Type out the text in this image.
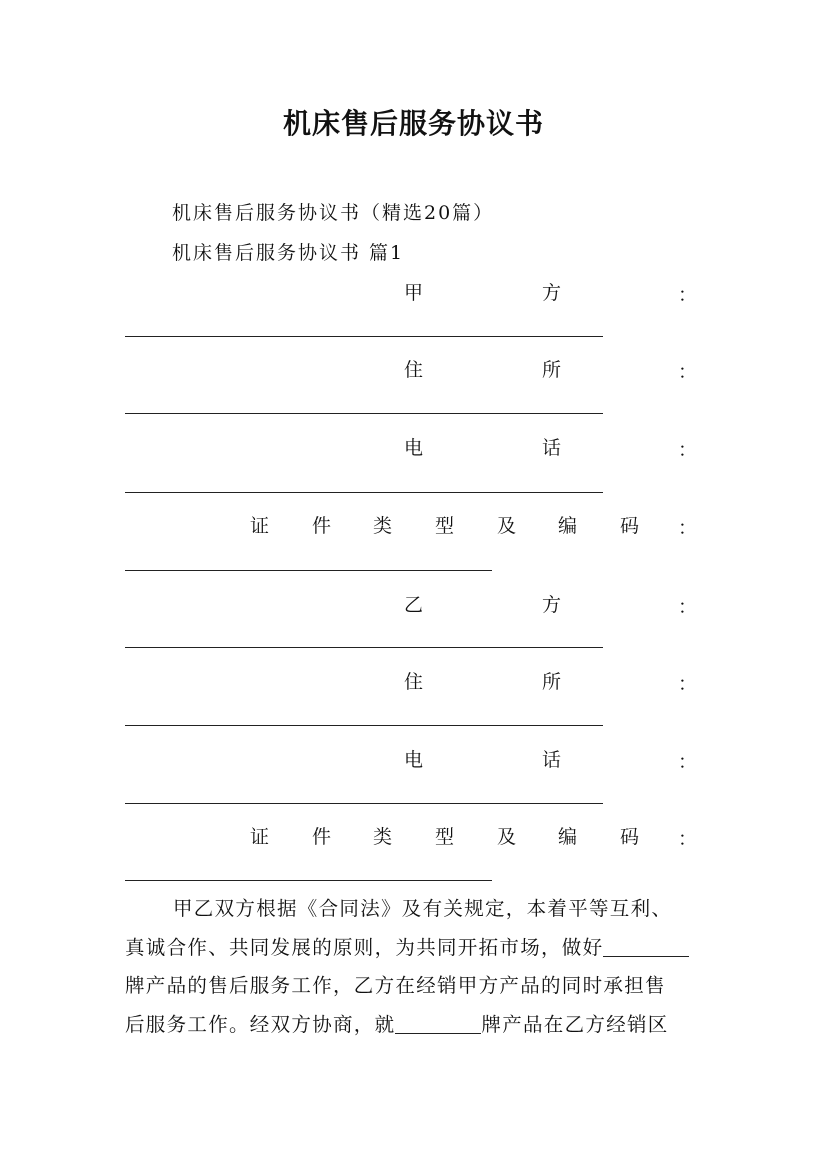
机床售后服务协议书
机床售后服务协议书（精选20篇）
机床售后服务协议书 篇1
甲	方	：
住	所	：
电	话	：
证 件 类 型 及 编 码 ：
乙	方	：
住	所	：
电	话	：
证 件 类 型 及 编 码 ：
甲乙双方根据《合同法》及有关规定，本着平等互利、
真诚合作、共同发展的原则，为共同开拓市场，做好
牌产品的售后服务工作，乙方在经销甲方产品的同时承担售
后服务工作。经双方协商，就	牌产品在乙方经销区
